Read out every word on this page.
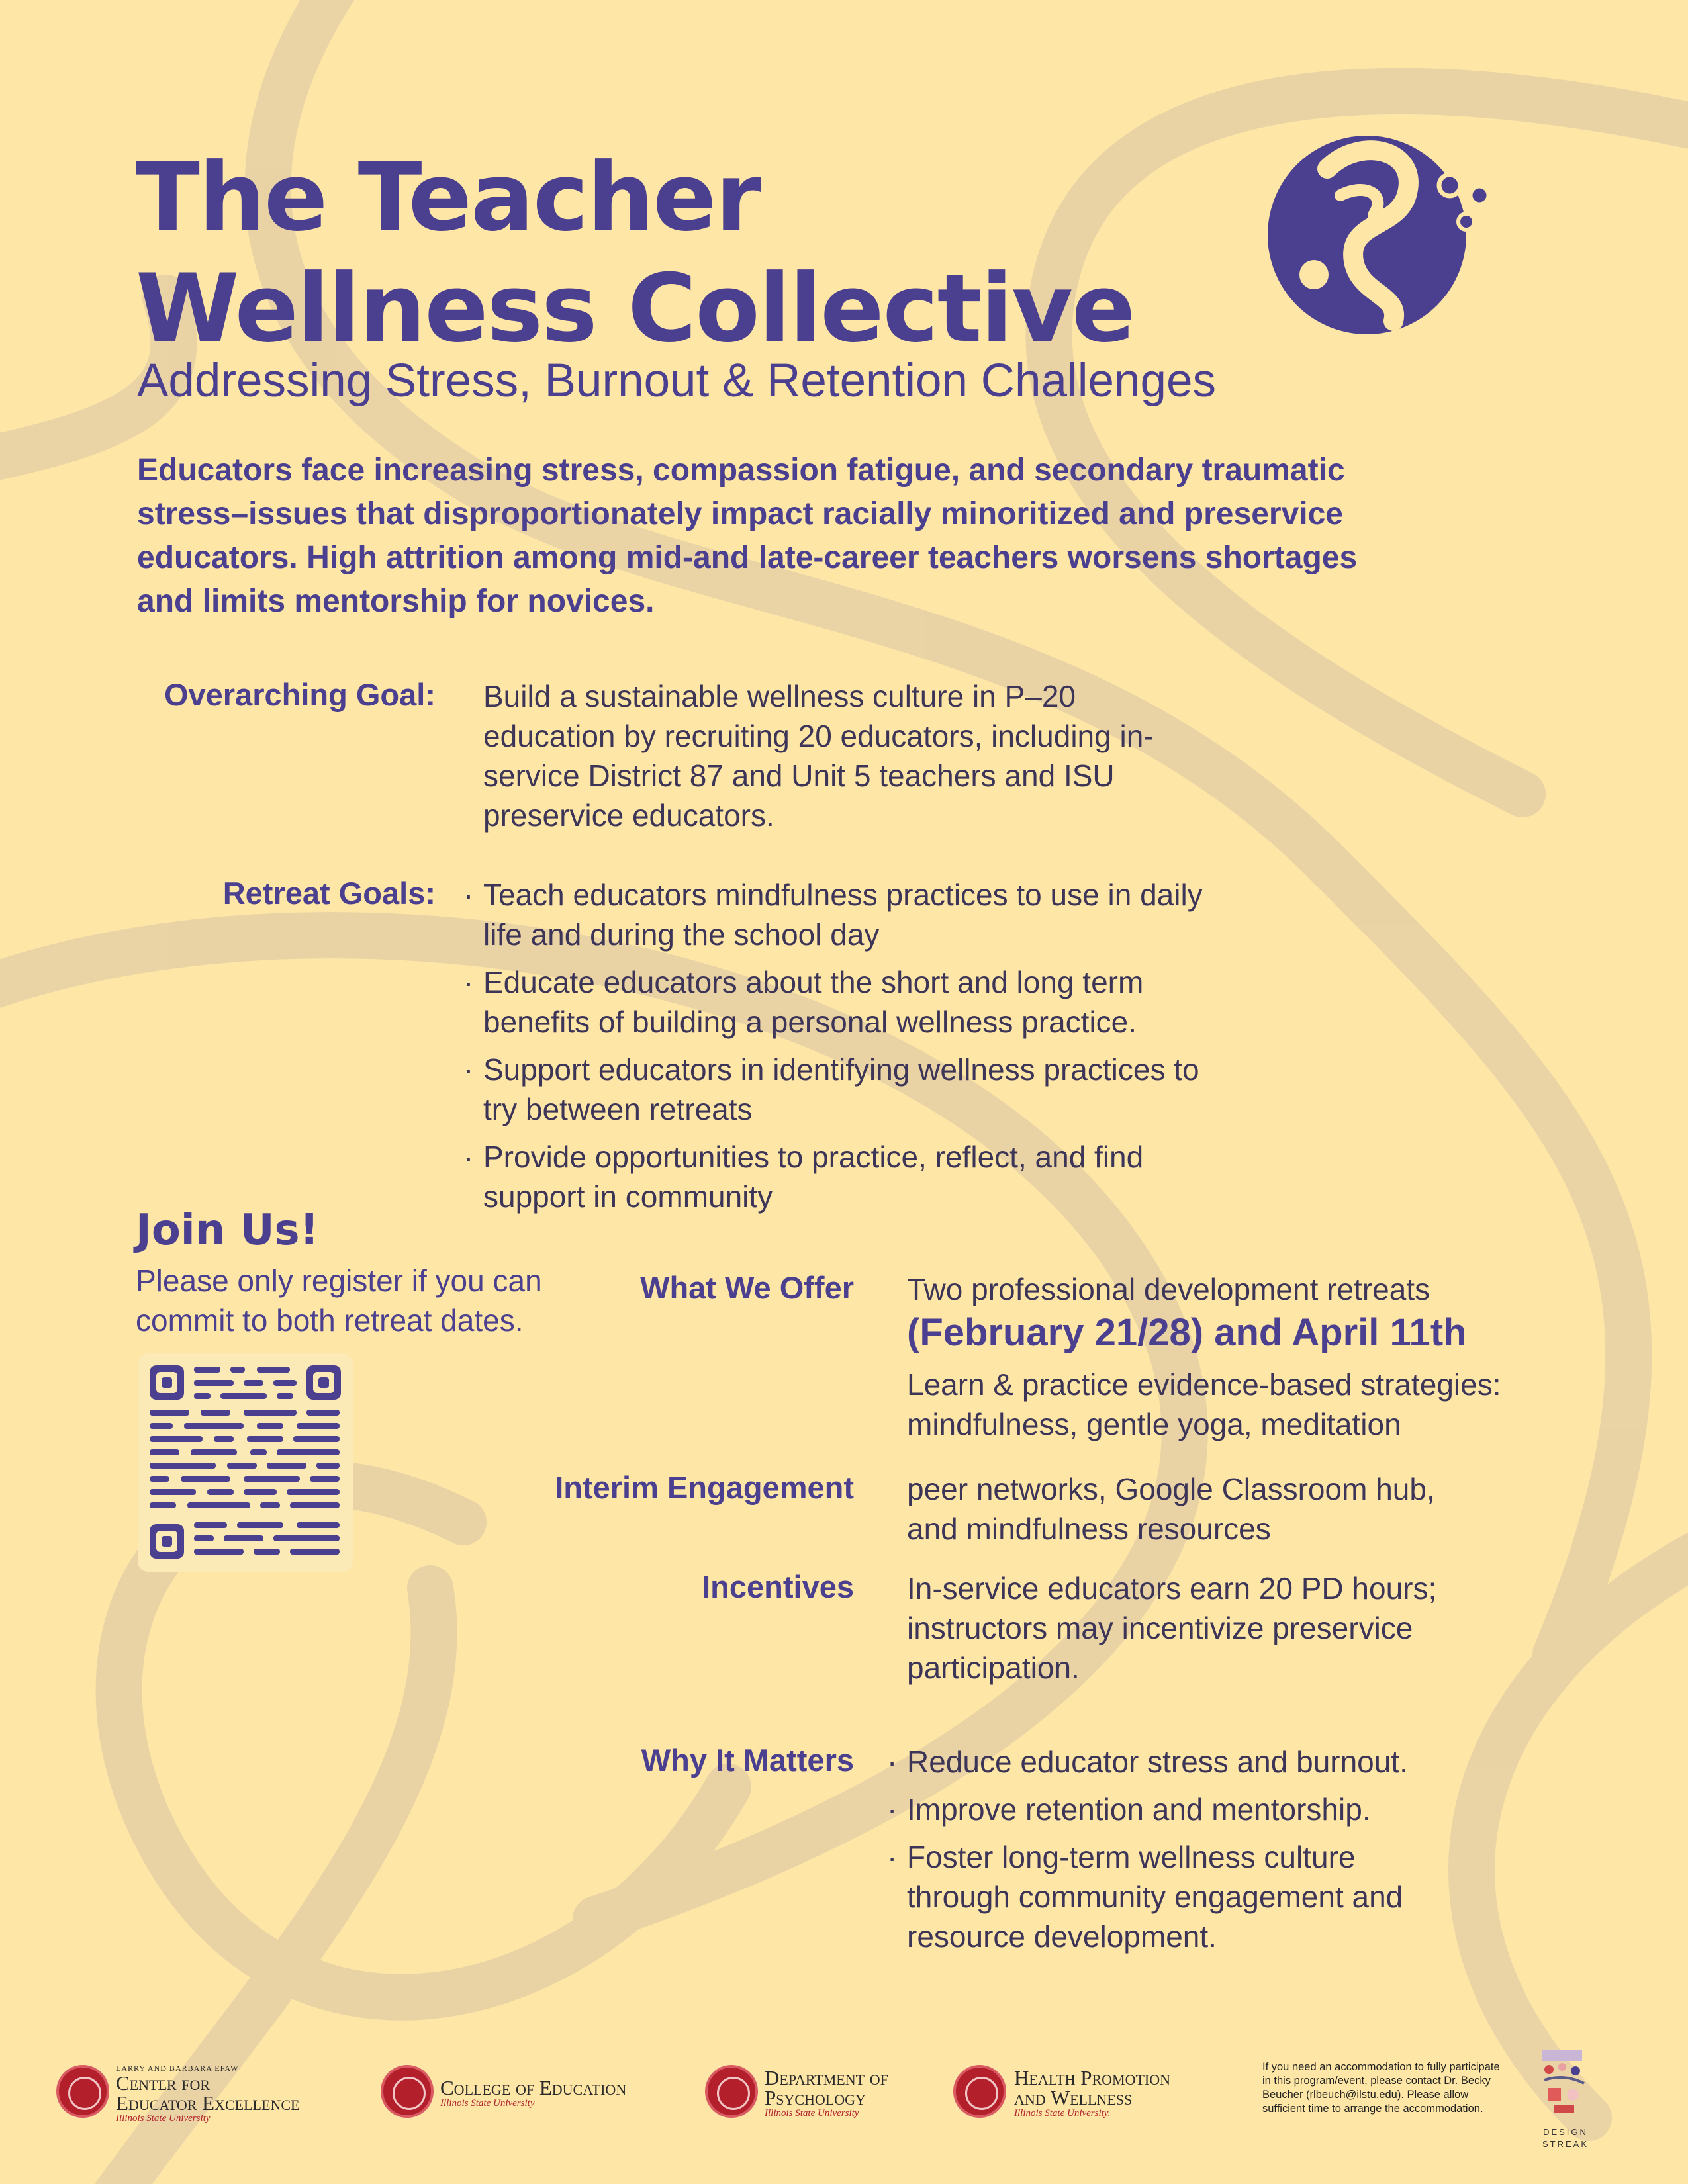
The Teacher
Wellness Collective
Addressing Stress, Burnout & Retention Challenges
Educators face increasing stress, compassion fatigue, and secondary traumatic stress–issues that disproportionately impact racially minoritized and preservice educators. High attrition among mid-and late-career teachers worsens shortages and limits mentorship for novices.
Overarching Goal: Build a sustainable wellness culture in P–20 education by recruiting 20 educators, including in-service District 87 and Unit 5 teachers and ISU preservice educators.
Retreat Goals:	· Teach educators mindfulness practices to use in daily life and during the school day
· Educate educators about the short and long term benefits of building a personal wellness practice.
· Support educators in identifying wellness practices to try between retreats
· Provide opportunities to practice, reflect, and find support in community
Join Us!
Please only register if you can commit to both retreat dates.
What We Offer Two professional development retreats
(February 21/28) and April 11th
Learn & practice evidence-based strategies: mindfulness, gentle yoga, meditation
Interim Engagement peer networks, Google Classroom hub, and mindfulness resources
Incentives In-service educators earn 20 PD hours; instructors may incentivize preservice participation.
Why It Matters	· Reduce educator stress and burnout.
· Improve retention and mentorship.
· Foster long-term wellness culture through community engagement and resource development.
LARRY AND BARBARA EFAW
Center for
Educator Excellence
Illinois State University
College of Education
Illinois State University
Department of
Psychology
Illinois State University
Health Promotion
and Wellness
Illinois State University.
If you need an accommodation to fully participate in this program/event, please contact Dr. Becky Beucher (rlbeuch@ilstu.edu). Please allow sufficient time to arrange the accommodation.
DESIGN
STREAK
